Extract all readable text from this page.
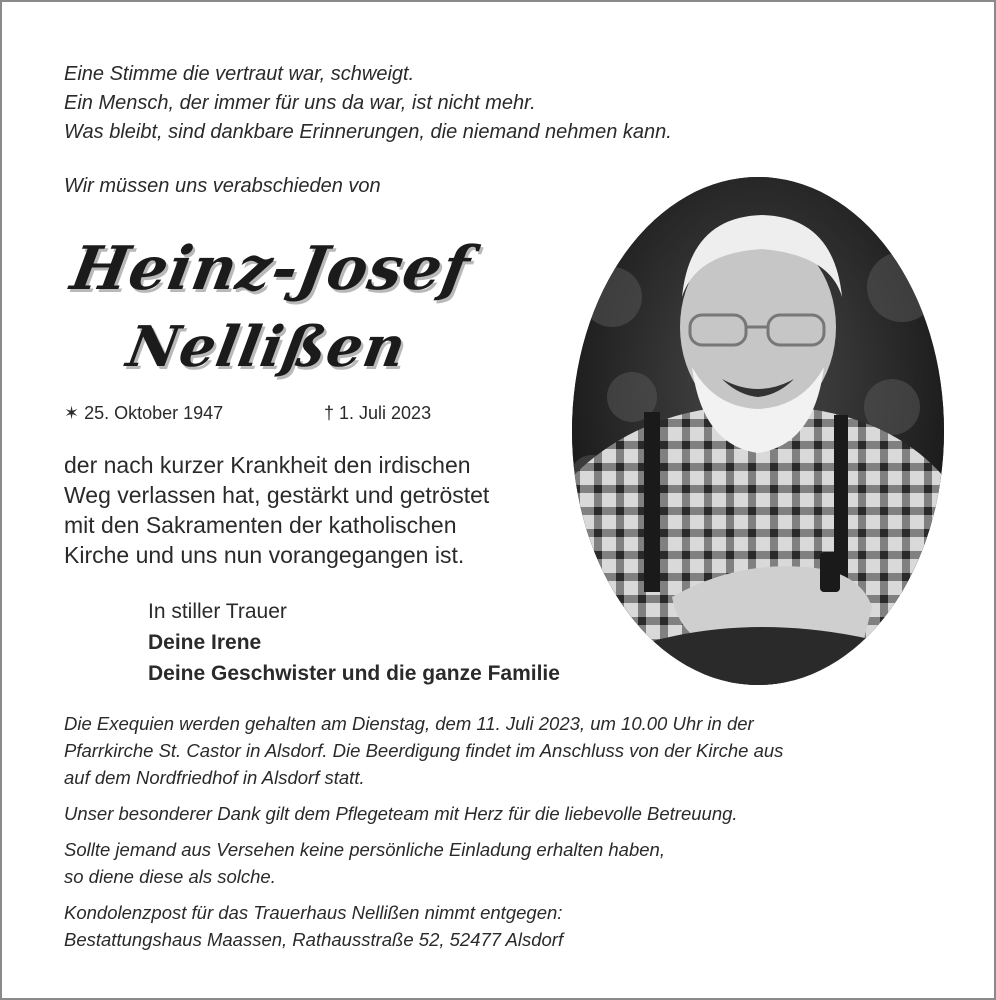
Eine Stimme die vertraut war, schweigt.
Ein Mensch, der immer für uns da war, ist nicht mehr.
Was bleibt, sind dankbare Erinnerungen, die niemand nehmen kann.
Wir müssen uns verabschieden von
Heinz-Josef
Nellißen
✶ 25. Oktober 1947	† 1. Juli 2023
der nach kurzer Krankheit den irdischen
Weg verlassen hat, gestärkt und getröstet
mit den Sakramenten der katholischen
Kirche und uns nun vorangegangen ist.
In stiller Trauer
Deine Irene
Deine Geschwister und die ganze Familie
Die Exequien werden gehalten am Dienstag, dem 11. Juli 2023, um 10.00 Uhr in der
Pfarrkirche St. Castor in Alsdorf. Die Beerdigung findet im Anschluss von der Kirche aus
auf dem Nordfriedhof in Alsdorf statt.
Unser besonderer Dank gilt dem Pflegeteam mit Herz für die liebevolle Betreuung.
Sollte jemand aus Versehen keine persönliche Einladung erhalten haben,
so diene diese als solche.
Kondolenzpost für das Trauerhaus Nellißen nimmt entgegen:
Bestattungshaus Maassen, Rathausstraße 52, 52477 Alsdorf
